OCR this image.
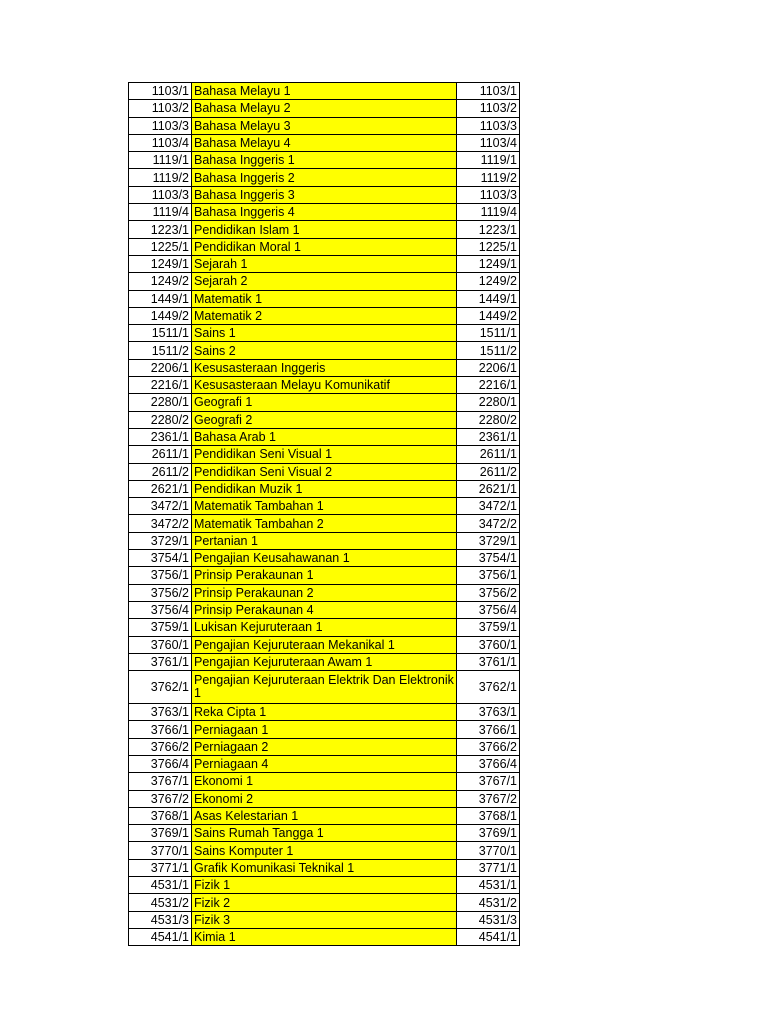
1103/1	Bahasa Melayu 1	1103/1
1103/2	Bahasa Melayu 2	1103/2
1103/3	Bahasa Melayu 3	1103/3
1103/4	Bahasa Melayu 4	1103/4
1119/1	Bahasa Inggeris 1	1119/1
1119/2	Bahasa Inggeris 2	1119/2
1103/3	Bahasa Inggeris 3	1103/3
1119/4	Bahasa Inggeris 4	1119/4
1223/1	Pendidikan Islam 1	1223/1
1225/1	Pendidikan Moral 1	1225/1
1249/1	Sejarah 1	1249/1
1249/2	Sejarah 2	1249/2
1449/1	Matematik 1	1449/1
1449/2	Matematik 2	1449/2
1511/1	Sains 1	1511/1
1511/2	Sains 2	1511/2
2206/1	Kesusasteraan Inggeris	2206/1
2216/1	Kesusasteraan Melayu Komunikatif	2216/1
2280/1	Geografi 1	2280/1
2280/2	Geografi 2	2280/2
2361/1	Bahasa Arab 1	2361/1
2611/1	Pendidikan Seni Visual 1	2611/1
2611/2	Pendidikan Seni Visual 2	2611/2
2621/1	Pendidikan Muzik 1	2621/1
3472/1	Matematik Tambahan 1	3472/1
3472/2	Matematik Tambahan 2	3472/2
3729/1	Pertanian 1	3729/1
3754/1	Pengajian Keusahawanan 1	3754/1
3756/1	Prinsip Perakaunan 1	3756/1
3756/2	Prinsip Perakaunan 2	3756/2
3756/4	Prinsip Perakaunan 4	3756/4
3759/1	Lukisan Kejuruteraan 1	3759/1
3760/1	Pengajian Kejuruteraan Mekanikal 1	3760/1
3761/1	Pengajian Kejuruteraan Awam 1	3761/1
3762/1	Pengajian Kejuruteraan Elektrik Dan Elektronik 1	3762/1
3763/1	Reka Cipta 1	3763/1
3766/1	Perniagaan 1	3766/1
3766/2	Perniagaan 2	3766/2
3766/4	Perniagaan 4	3766/4
3767/1	Ekonomi 1	3767/1
3767/2	Ekonomi 2	3767/2
3768/1	Asas Kelestarian 1	3768/1
3769/1	Sains Rumah Tangga 1	3769/1
3770/1	Sains Komputer 1	3770/1
3771/1	Grafik Komunikasi Teknikal 1	3771/1
4531/1	Fizik 1	4531/1
4531/2	Fizik 2	4531/2
4531/3	Fizik 3	4531/3
4541/1	Kimia 1	4541/1
